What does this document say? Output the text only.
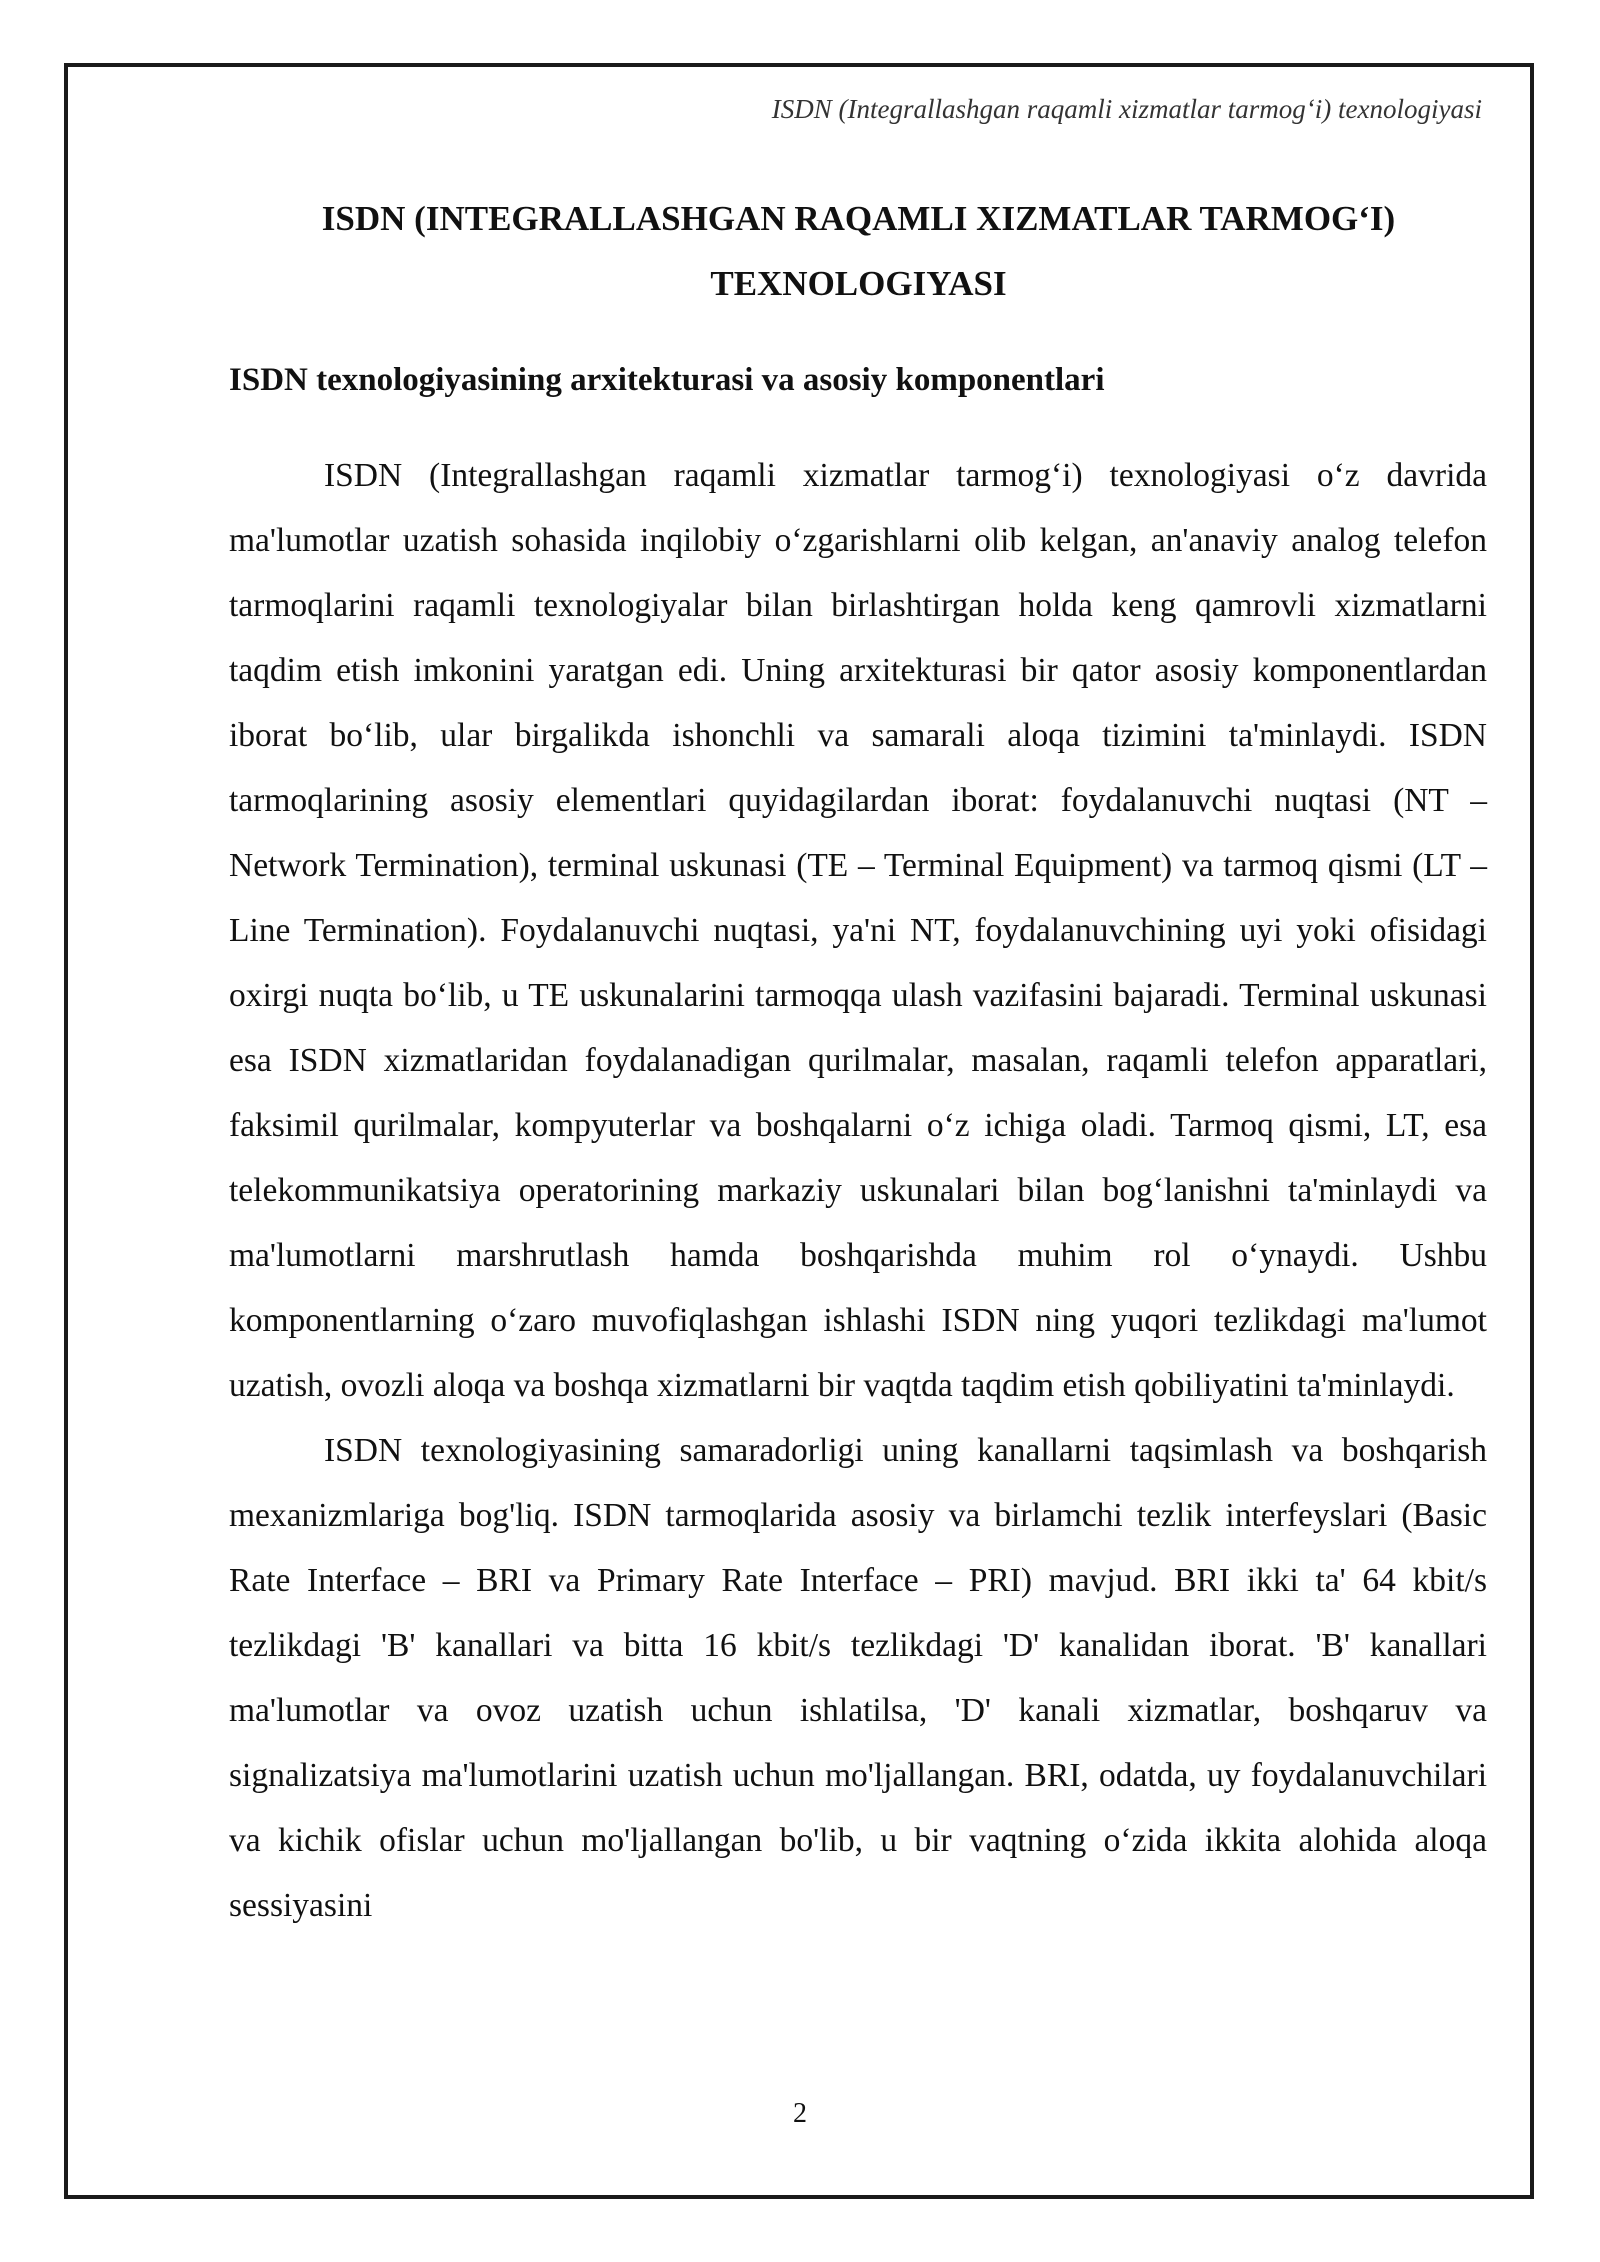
ISDN (Integrallashgan raqamli xizmatlar tarmog‘i) texnologiyasi
ISDN (INTEGRALLASHGAN RAQAMLI XIZMATLAR TARMOG‘I)
TEXNOLOGIYASI
ISDN texnologiyasining arxitekturasi va asosiy komponentlari

ISDN (Integrallashgan raqamli xizmatlar tarmog‘i) texnologiyasi o‘z davrida ma'lumotlar uzatish sohasida inqilobiy o‘zgarishlarni olib kelgan, an'anaviy analog telefon tarmoqlarini raqamli texnologiyalar bilan birlashtirgan holda keng qamrovli xizmatlarni taqdim etish imkonini yaratgan edi. Uning arxitekturasi bir qator asosiy komponentlardan iborat bo‘lib, ular birgalikda ishonchli va samarali aloqa tizimini ta'minlaydi. ISDN tarmoqlarining asosiy elementlari quyidagilardan iborat: foydalanuvchi nuqtasi (NT – Network Termination), terminal uskunasi (TE – Terminal Equipment) va tarmoq qismi (LT – Line Termination). Foydalanuvchi nuqtasi, ya'ni NT, foydalanuvchining uyi yoki ofisidagi oxirgi nuqta bo‘lib, u TE uskunalarini tarmoqqa ulash vazifasini bajaradi. Terminal uskunasi esa ISDN xizmatlaridan foydalanadigan qurilmalar, masalan, raqamli telefon apparatlari, faksimil qurilmalar, kompyuterlar va boshqalarni o‘z ichiga oladi. Tarmoq qismi, LT, esa telekommunikatsiya operatorining markaziy uskunalari bilan bog‘lanishni ta'minlaydi va ma'lumotlarni marshrutlash hamda boshqarishda muhim rol o‘ynaydi. Ushbu komponentlarning o‘zaro muvofiqlashgan ishlashi ISDN ning yuqori tezlikdagi ma'lumot uzatish, ovozli aloqa va boshqa xizmatlarni bir vaqtda taqdim etish qobiliyatini ta'minlaydi.

ISDN texnologiyasining samaradorligi uning kanallarni taqsimlash va boshqarish mexanizmlariga bog'liq. ISDN tarmoqlarida asosiy va birlamchi tezlik interfeyslari (Basic Rate Interface – BRI va Primary Rate Interface – PRI) mavjud. BRI ikki ta' 64 kbit/s tezlikdagi 'B' kanallari va bitta 16 kbit/s tezlikdagi 'D' kanalidan iborat. 'B' kanallari ma'lumotlar va ovoz uzatish uchun ishlatilsa, 'D' kanali xizmatlar, boshqaruv va signalizatsiya ma'lumotlarini uzatish uchun mo'ljallangan. BRI, odatda, uy foydalanuvchilari va kichik ofislar uchun mo'ljallangan bo'lib, u bir vaqtning o‘zida ikkita alohida aloqa sessiyasini

2
